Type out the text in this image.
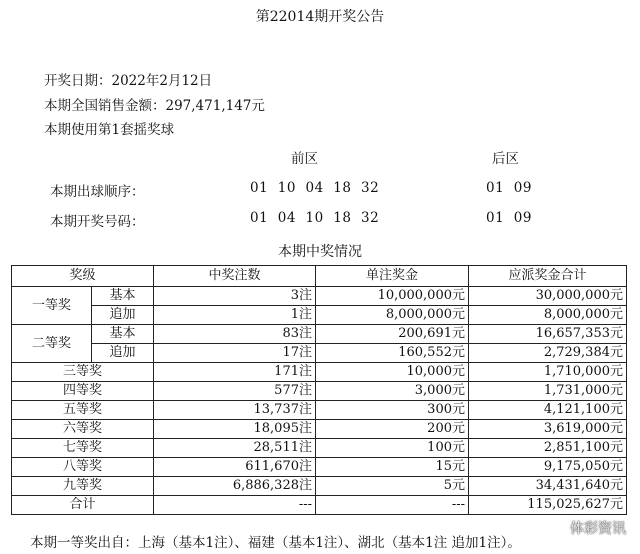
第22014期开奖公告
开奖日期：2022年2月12日
本期全国销售金额：297,471,147元
本期使用第1套摇奖球
前区	后区
本期出球顺序：	01  10  04  18  32	01  09
本期开奖号码：	01  04  10  18  32	01  09
本期中奖情况
奖级		中奖注数	单注奖金	应派奖金合计
一等奖	基本	3注	10,000,000元	30,000,000元
	追加	1注	8,000,000元	8,000,000元
二等奖	基本	83注	200,691元	16,657,353元
	追加	17注	160,552元	2,729,384元
三等奖		171注	10,000元	1,710,000元
四等奖		577注	3,000元	1,731,000元
五等奖		13,737注	300元	4,121,100元
六等奖		18,095注	200元	3,619,000元
七等奖		28,511注	100元	2,851,100元
八等奖		611,670注	15元	9,175,050元
九等奖		6,886,328注	5元	34,431,640元
合计		---	---	115,025,627元
本期一等奖出自：上海（基本1注）、福建（基本1注）、湖北（基本1注 追加1注）。
体彩资讯
